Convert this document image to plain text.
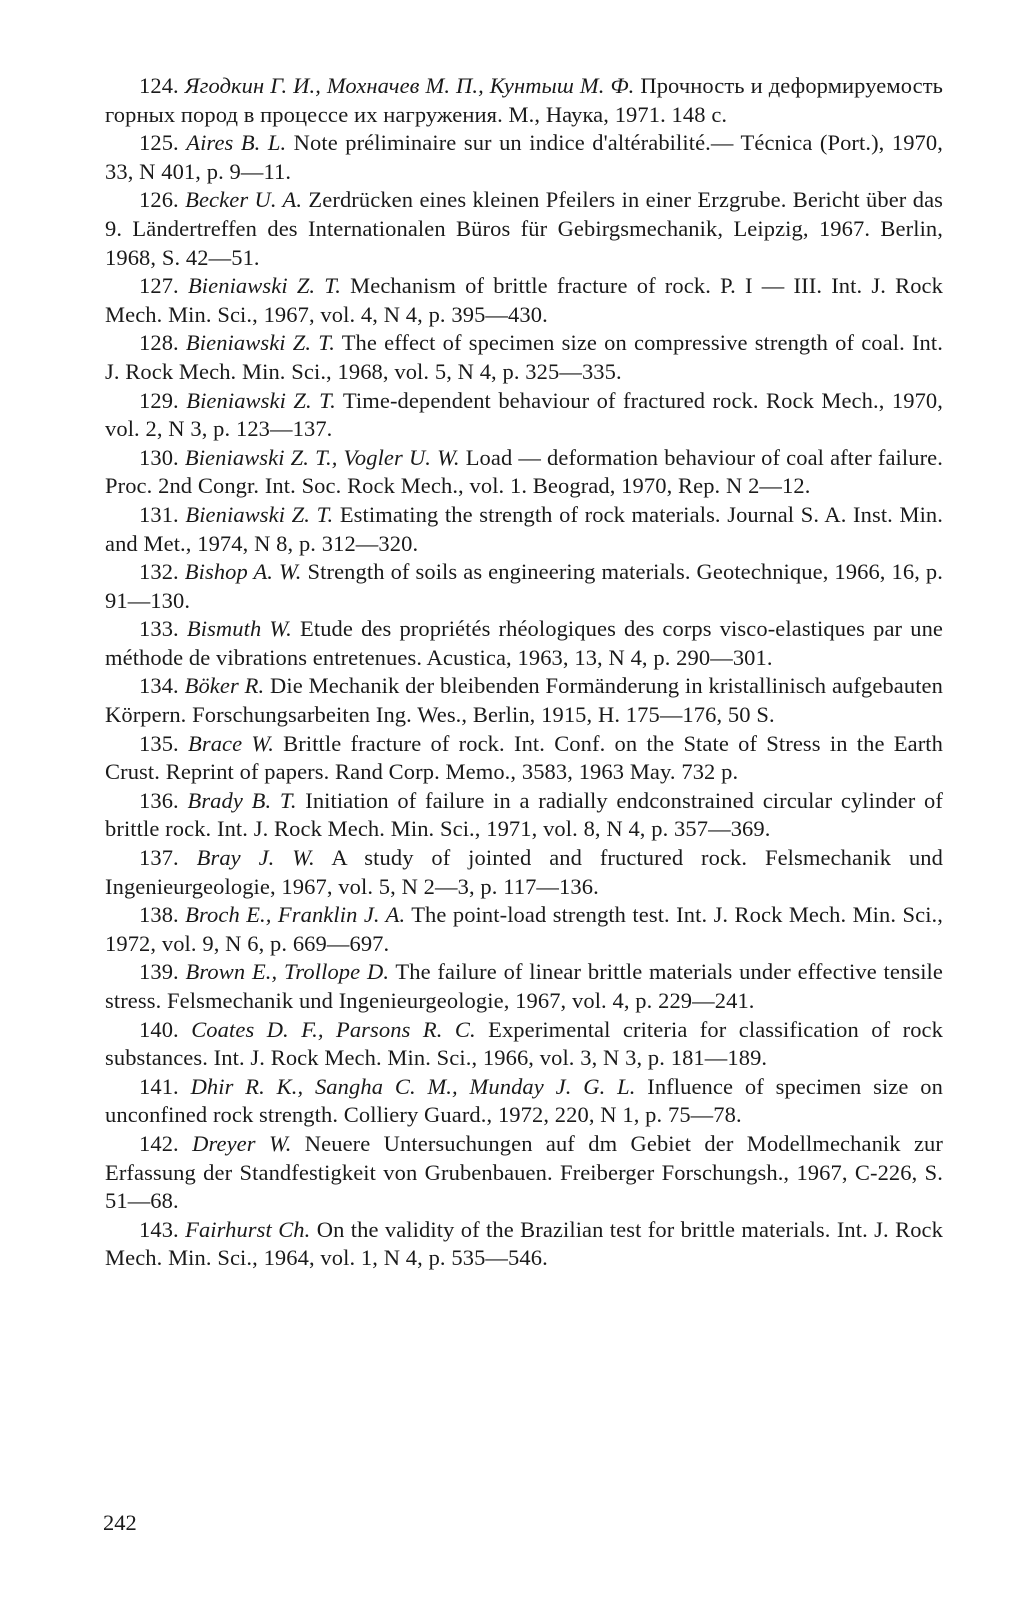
124. Ягодкин Г. И., Мохначев М. П., Кунтыш М. Ф. Прочность и деформируемость горных пород в процессе их нагружения. М., Наука, 1971. 148 с.

125. Aires B. L. Note préliminaire sur un indice d'altérabilité.— Técnica (Port.), 1970, 33, N 401, p. 9—11.

126. Becker U. A. Zerdrücken eines kleinen Pfeilers in einer Erzgrube. Bericht über das 9. Ländertreffen des Internationalen Büros für Gebirgsmechanik, Leipzig, 1967. Berlin, 1968, S. 42—51.

127. Bieniawski Z. T. Mechanism of brittle fracture of rock. P. I — III. Int. J. Rock Mech. Min. Sci., 1967, vol. 4, N 4, p. 395—430.

128. Bieniawski Z. T. The effect of specimen size on compressive strength of coal. Int. J. Rock Mech. Min. Sci., 1968, vol. 5, N 4, p. 325—335.

129. Bieniawski Z. T. Time-dependent behaviour of fractured rock. Rock Mech., 1970, vol. 2, N 3, p. 123—137.

130. Bieniawski Z. T., Vogler U. W. Load — deformation behaviour of coal after failure. Proc. 2nd Congr. Int. Soc. Rock Mech., vol. 1. Beograd, 1970, Rep. N 2—12.

131. Bieniawski Z. T. Estimating the strength of rock materials. Journal S. A. Inst. Min. and Met., 1974, N 8, p. 312—320.

132. Bishop A. W. Strength of soils as engineering materials. Geotechnique, 1966, 16, p. 91—130.

133. Bismuth W. Etude des propriétés rhéologiques des corps visco-elastiques par une méthode de vibrations entretenues. Acustica, 1963, 13, N 4, p. 290—301.

134. Böker R. Die Mechanik der bleibenden Formänderung in kristallinisch aufgebauten Körpern. Forschungsarbeiten Ing. Wes., Berlin, 1915, H. 175—176, 50 S.

135. Brace W. Brittle fracture of rock. Int. Conf. on the State of Stress in the Earth Crust. Reprint of papers. Rand Corp. Memo., 3583, 1963 May. 732 p.

136. Brady B. T. Initiation of failure in a radially endconstrained circular cylinder of brittle rock. Int. J. Rock Mech. Min. Sci., 1971, vol. 8, N 4, p. 357—369.

137. Bray J. W. A study of jointed and fructured rock. Felsmechanik und Ingenieurgeologie, 1967, vol. 5, N 2—3, p. 117—136.

138. Broch E., Franklin J. A. The point-load strength test. Int. J. Rock Mech. Min. Sci., 1972, vol. 9, N 6, p. 669—697.

139. Brown E., Trollope D. The failure of linear brittle materials under effective tensile stress. Felsmechanik und Ingenieurgeologie, 1967, vol. 4, p. 229—241.

140. Coates D. F., Parsons R. C. Experimental criteria for classification of rock substances. Int. J. Rock Mech. Min. Sci., 1966, vol. 3, N 3, p. 181—189.

141. Dhir R. K., Sangha C. M., Munday J. G. L. Influence of specimen size on unconfined rock strength. Colliery Guard., 1972, 220, N 1, p. 75—78.

142. Dreyer W. Neuere Untersuchungen auf dm Gebiet der Modellmechanik zur Erfassung der Standfestigkeit von Grubenbauen. Freiberger Forschungsh., 1967, C-226, S. 51—68.

143. Fairhurst Ch. On the validity of the Brazilian test for brittle materials. Int. J. Rock Mech. Min. Sci., 1964, vol. 1, N 4, p. 535—546.

242
